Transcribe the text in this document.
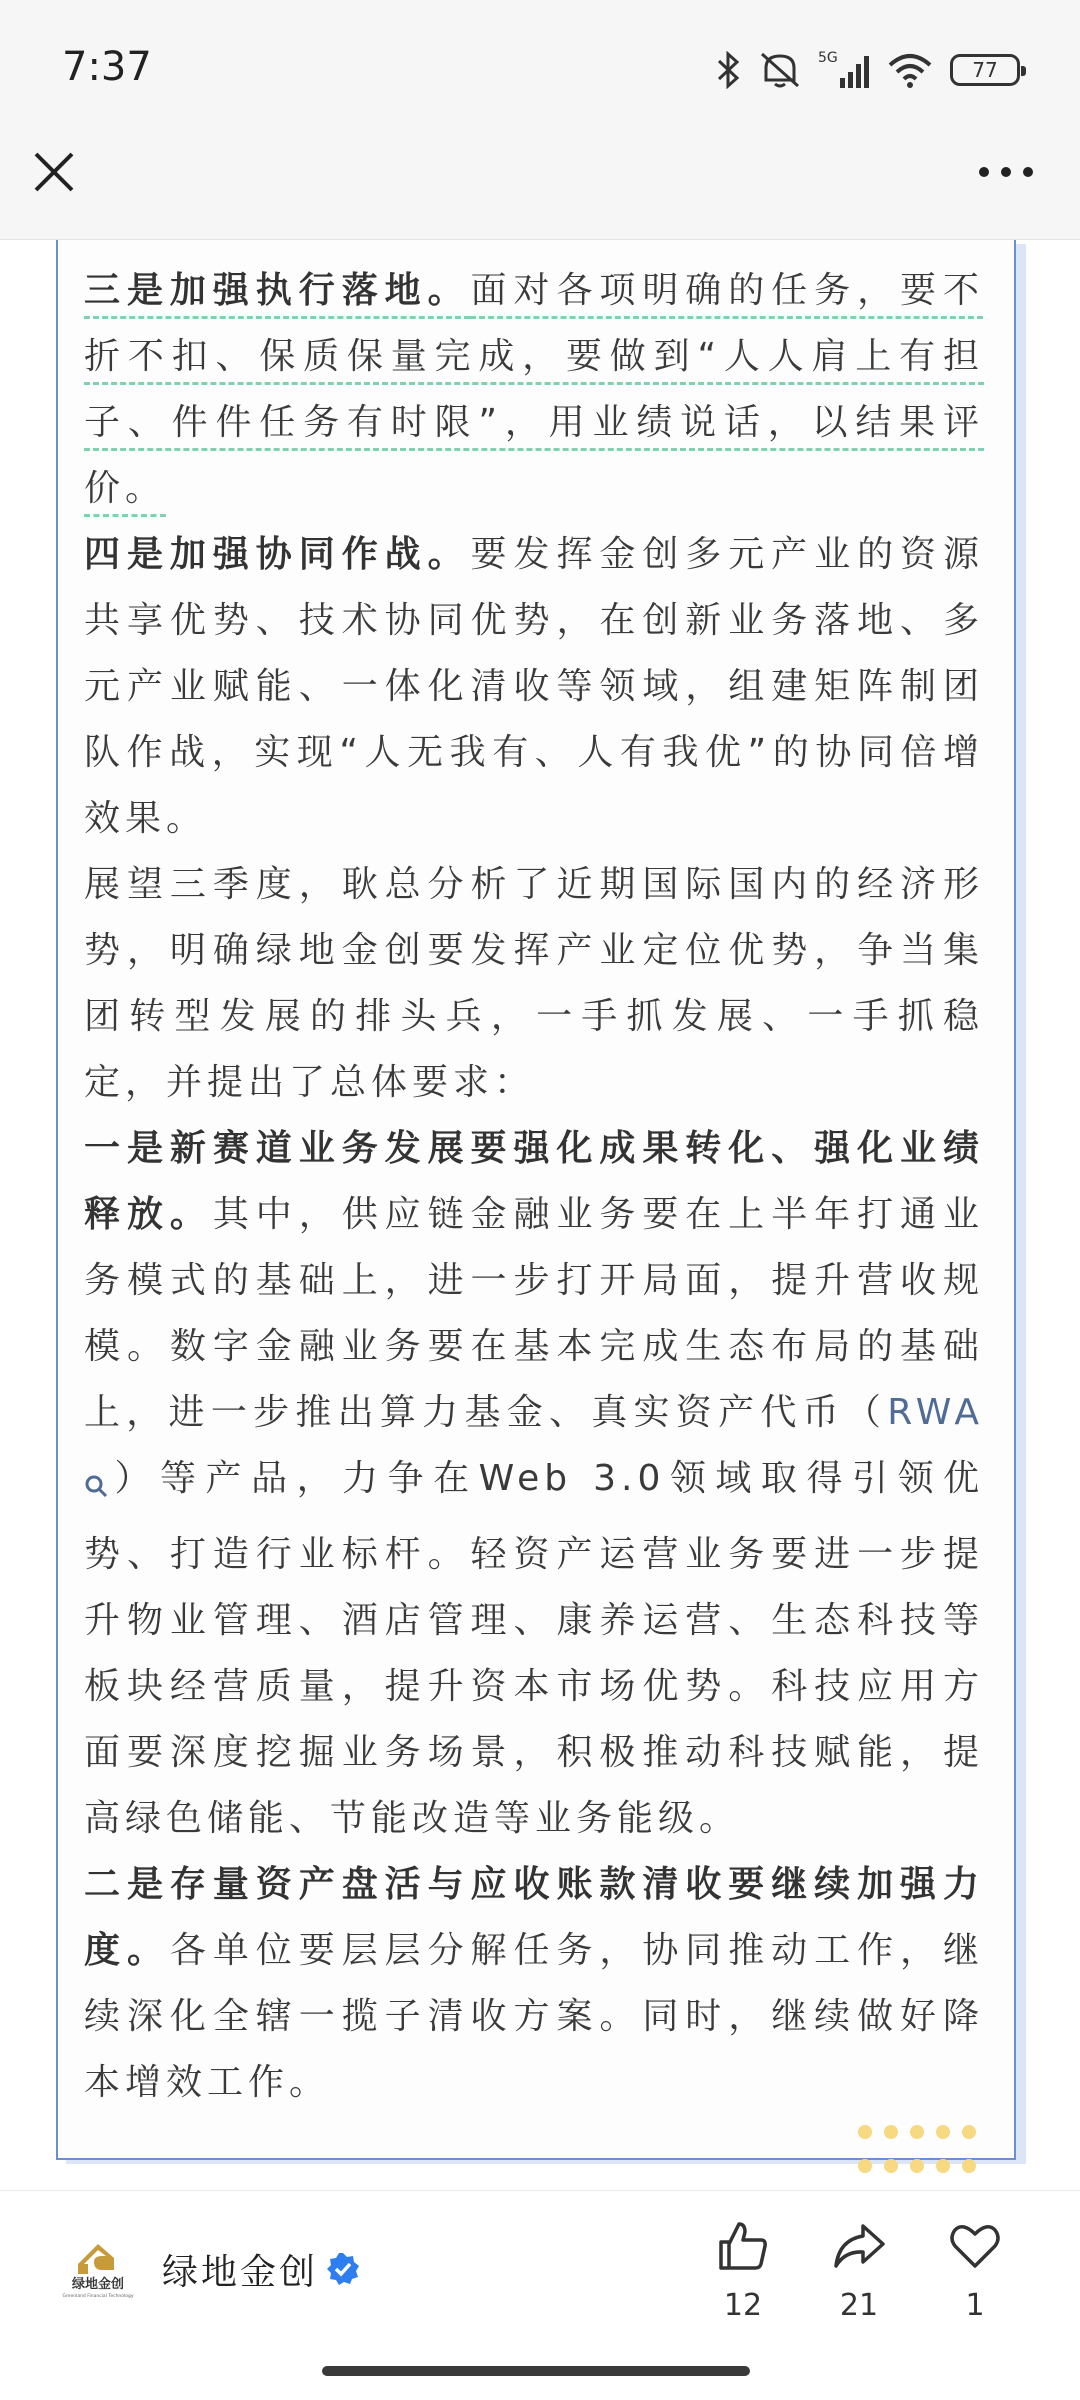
7:37	5G	77

三是加强执行落地。面对各项明确的任务，要不折不扣、保质保量完成，要做到“人人肩上有担子、件件任务有时限”，用业绩说话，以结果评价。

四是加强协同作战。要发挥金创多元产业的资源共享优势、技术协同优势，在创新业务落地、多元产业赋能、一体化清收等领域，组建矩阵制团队作战，实现“人无我有、人有我优”的协同倍增效果。

展望三季度，耿总分析了近期国际国内的经济形势，明确绿地金创要发挥产业定位优势，争当集团转型发展的排头兵，一手抓发展、一手抓稳定，并提出了总体要求：

一是新赛道业务发展要强化成果转化、强化业绩释放。其中，供应链金融业务要在上半年打通业务模式的基础上，进一步打开局面，提升营收规模。数字金融业务要在基本完成生态布局的基础上，进一步推出算力基金、真实资产代币（RWA）等产品，力争在Web 3.0领域取得引领优势、打造行业标杆。轻资产运营业务要进一步提升物业管理、酒店管理、康养运营、生态科技等板块经营质量，提升资本市场优势。科技应用方面要深度挖掘业务场景，积极推动科技赋能，提高绿色储能、节能改造等业务能级。

二是存量资产盘活与应收账款清收要继续加强力度。各单位要层层分解任务，协同推动工作，继续深化全辖一揽子清收方案。同时，继续做好降本增效工作。

绿地金创
Greenland Financial Technology
绿地金创
12	21	1
